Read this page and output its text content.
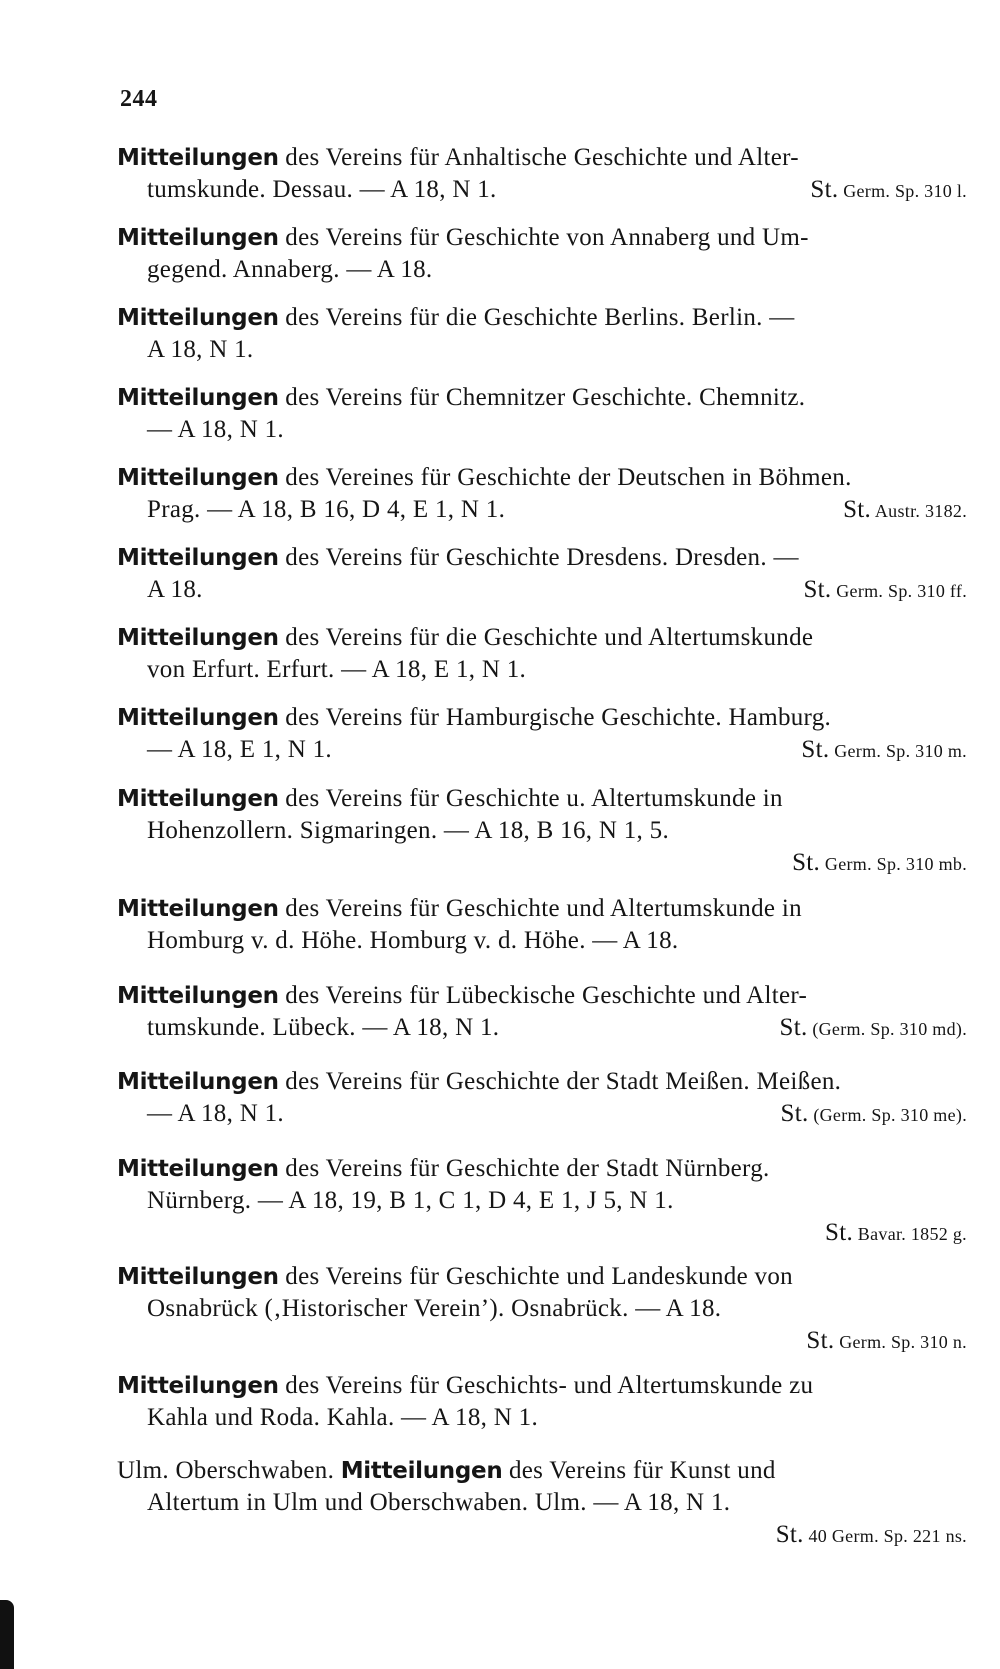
244
Mitteilungen des Vereins für Anhaltische Geschichte und Alter-
tumskunde. Dessau. — A 18, N 1.	St. Germ. Sp. 310 l.
Mitteilungen des Vereins für Geschichte von Annaberg und Um-
gegend. Annaberg. — A 18.
Mitteilungen des Vereins für die Geschichte Berlins. Berlin. —
A 18, N 1.
Mitteilungen des Vereins für Chemnitzer Geschichte. Chemnitz.
— A 18, N 1.
Mitteilungen des Vereines für Geschichte der Deutschen in Böhmen.
Prag. — A 18, B 16, D 4, E 1, N 1.	St. Austr. 3182.
Mitteilungen des Vereins für Geschichte Dresdens. Dresden. —
A 18.	St. Germ. Sp. 310 ff.
Mitteilungen des Vereins für die Geschichte und Altertumskunde
von Erfurt. Erfurt. — A 18, E 1, N 1.
Mitteilungen des Vereins für Hamburgische Geschichte. Hamburg.
— A 18, E 1, N 1.	St. Germ. Sp. 310 m.
Mitteilungen des Vereins für Geschichte u. Altertumskunde in
Hohenzollern. Sigmaringen. — A 18, B 16, N 1, 5.
St. Germ. Sp. 310 mb.
Mitteilungen des Vereins für Geschichte und Altertumskunde in
Homburg v. d. Höhe. Homburg v. d. Höhe. — A 18.
Mitteilungen des Vereins für Lübeckische Geschichte und Alter-
tumskunde. Lübeck. — A 18, N 1.	St. (Germ. Sp. 310 md).
Mitteilungen des Vereins für Geschichte der Stadt Meißen. Meißen.
— A 18, N 1.	St. (Germ. Sp. 310 me).
Mitteilungen des Vereins für Geschichte der Stadt Nürnberg.
Nürnberg. — A 18, 19, B 1, C 1, D 4, E 1, J 5, N 1.
St. Bavar. 1852 g.
Mitteilungen des Vereins für Geschichte und Landeskunde von
Osnabrück (‚Historischer Verein’). Osnabrück. — A 18.
St. Germ. Sp. 310 n.
Mitteilungen des Vereins für Geschichts- und Altertumskunde zu
Kahla und Roda. Kahla. — A 18, N 1.
Ulm. Oberschwaben. Mitteilungen des Vereins für Kunst und
Altertum in Ulm und Oberschwaben. Ulm. — A 18, N 1.
St. 40 Germ. Sp. 221 ns.
